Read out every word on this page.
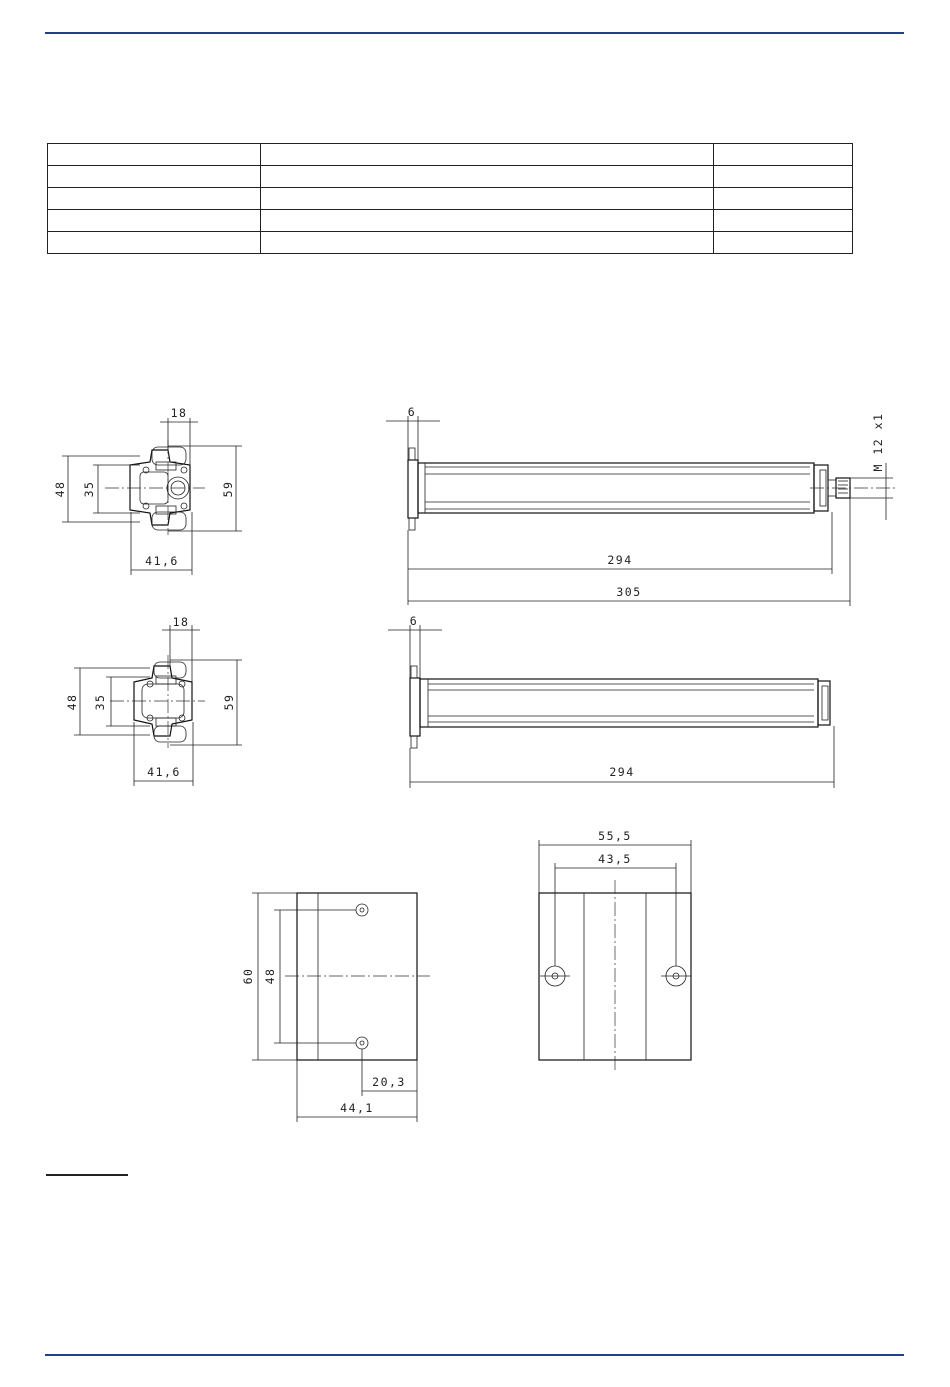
48 35	59
18
41,6
6
M 12 x1
294
305
48 35	59
18
41,6
6
294
60 48
20,3
44,1
55,5
43,5
